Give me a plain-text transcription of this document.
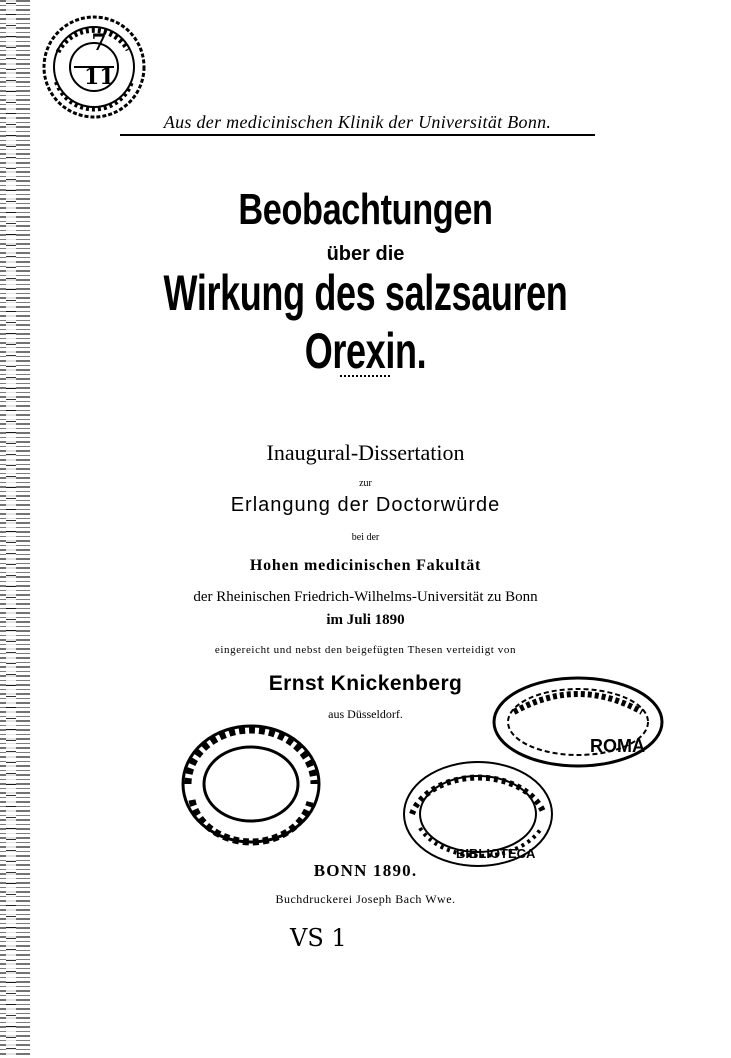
7
11
Aus der medicinischen Klinik der Universität Bonn.
Beobachtungen
über die
Wirkung des salzsauren Orexin.
Inaugural-Dissertation
zur
Erlangung der Doctorwürde
bei der
Hohen medicinischen Fakultät
der Rheinischen Friedrich-Wilhelms-Universität zu Bonn
im Juli 1890
eingereicht und nebst den beigefügten Thesen verteidigt von
Ernst Knickenberg
aus Düsseldorf.
ROMA
BIBLIOTECA
BONN 1890.
Buchdruckerei Joseph Bach Wwe.
VS 1
